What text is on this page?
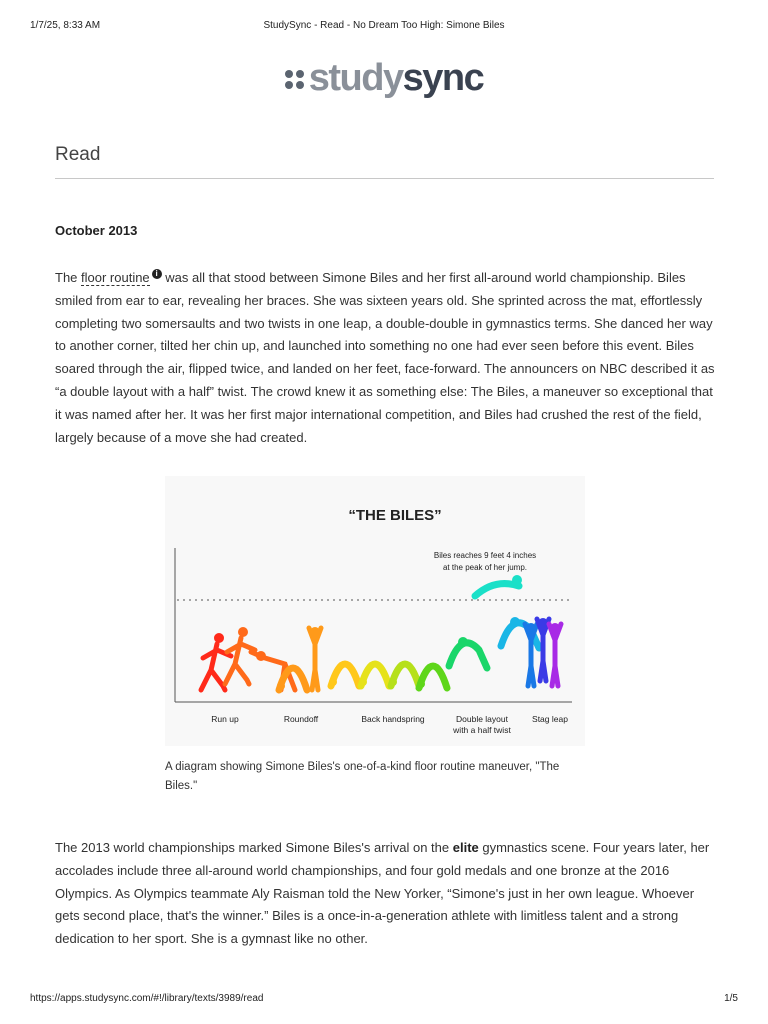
1/7/25, 8:33 AM	StudySync - Read - No Dream Too High: Simone Biles
studysync
Read
October 2013

The floor routine i was all that stood between Simone Biles and her first all-around world championship. Biles smiled from ear to ear, revealing her braces. She was sixteen years old. She sprinted across the mat, effortlessly completing two somersaults and two twists in one leap, a double-double in gymnastics terms. She danced her way to another corner, tilted her chin up, and launched into something no one had ever seen before this event. Biles soared through the air, flipped twice, and landed on her feet, face-forward. The announcers on NBC described it as “a double layout with a half” twist. The crowd knew it as something else: The Biles, a maneuver so exceptional that it was named after her. It was her first major international competition, and Biles had crushed the rest of the field, largely because of a move she had created.

“THE BILES”
Biles reaches 9 feet 4 inches
at the peak of her jump.
Run up	Roundoff	Back handspring	Double layout
with a half twist
Stag leap

A diagram showing Simone Biles's one-of-a-kind floor routine maneuver, "The Biles."

The 2013 world championships marked Simone Biles's arrival on the elite gymnastics scene. Four years later, her accolades include three all-around world championships, and four gold medals and one bronze at the 2016 Olympics. As Olympics teammate Aly Raisman told the New Yorker, “Simone's just in her own league. Whoever gets second place, that's the winner.” Biles is a once-in-a-generation athlete with limitless talent and a strong dedication to her sport. She is a gymnast like no other.

https://apps.studysync.com/#!/library/texts/3989/read	1/5
